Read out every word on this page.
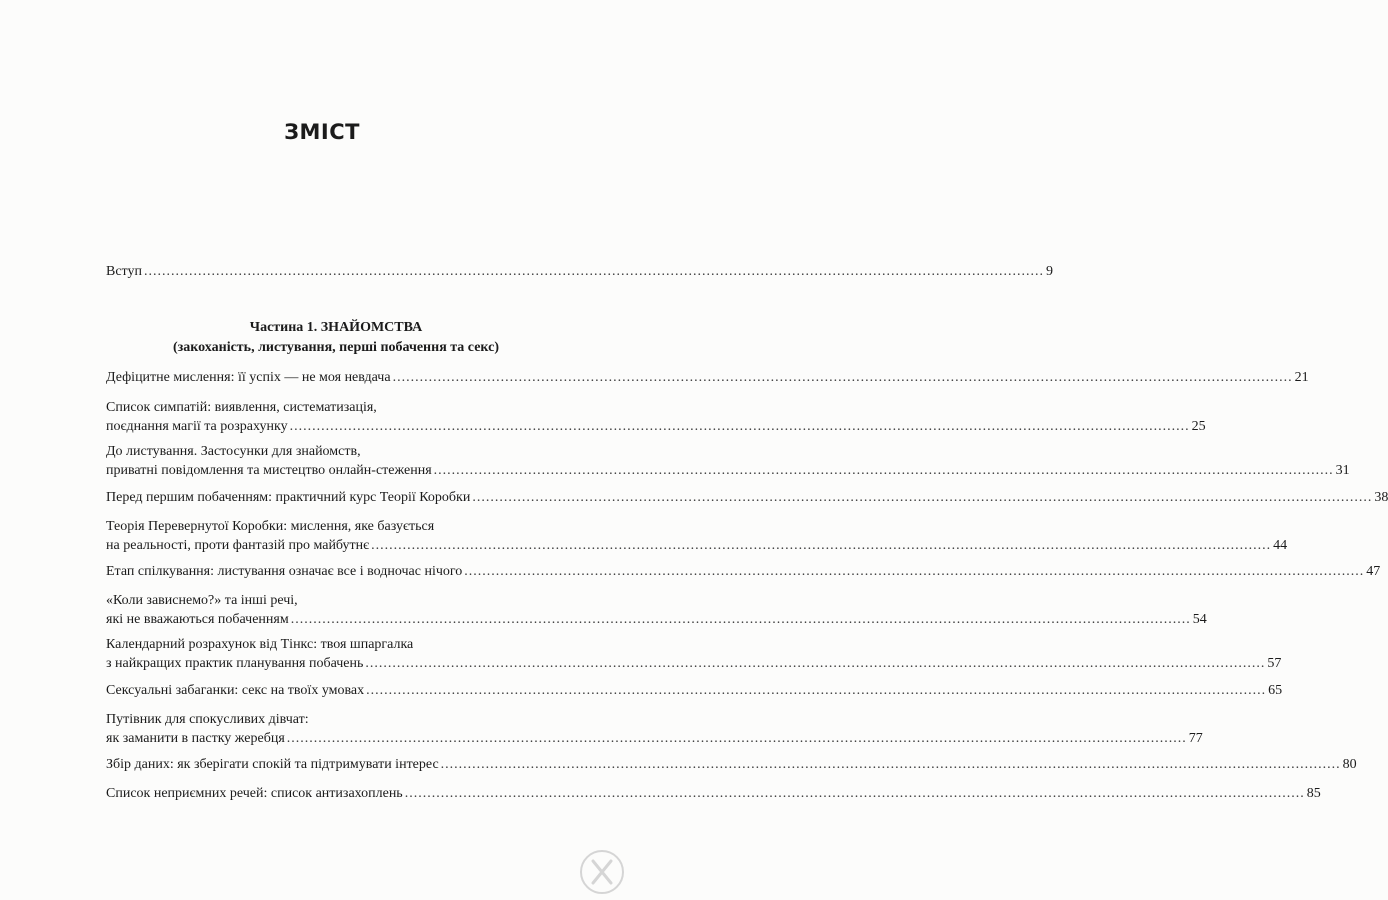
ЗМІСТ
Вступ ........................................................................................................................................................................................................ 9
Частина 1. ЗНАЙОМСТВА
(закоханість, листування, перші побачення та секс)
Дефіцитне мислення: її успіх — не моя невдача ........................................................................................................................................................................................................ 21
Список симпатій: виявлення, систематизація,
поєднання магії та розрахунку ........................................................................................................................................................................................................ 25
До листування. Застосунки для знайомств,
приватні повідомлення та мистецтво онлайн-стеження ........................................................................................................................................................................................................ 31
Перед першим побаченням: практичний курс Теорії Коробки ........................................................................................................................................................................................................ 38
Теорія Перевернутої Коробки: мислення, яке базується
на реальності, проти фантазій про майбутнє ........................................................................................................................................................................................................ 44
Етап спілкування: листування означає все і водночас нічого ........................................................................................................................................................................................................ 47
«Коли зависнемо?» та інші речі,
які не вважаються побаченням ........................................................................................................................................................................................................ 54
Календарний розрахунок від Тінкс: твоя шпаргалка
з найкращих практик планування побачень ........................................................................................................................................................................................................ 57
Сексуальні забаганки: секс на твоїх умовах ........................................................................................................................................................................................................ 65
Путівник для спокусливих дівчат:
як заманити в пастку жеребця ........................................................................................................................................................................................................ 77
Збір даних: як зберігати спокій та підтримувати інтерес ........................................................................................................................................................................................................ 80
Список неприємних речей: список антизахоплень ........................................................................................................................................................................................................ 85
